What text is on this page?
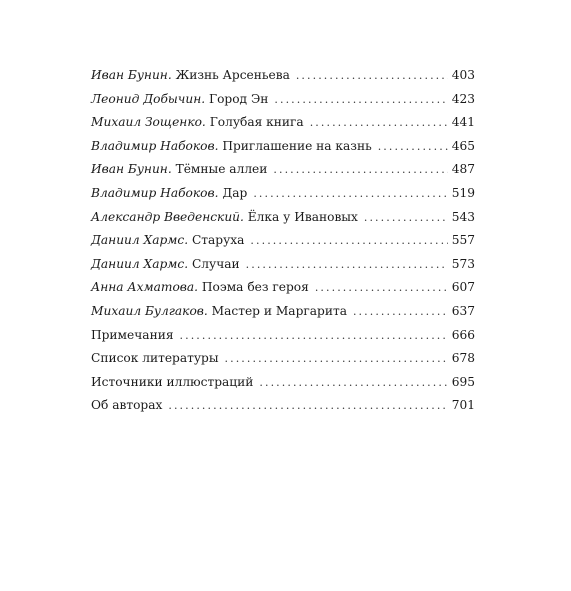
Иван Бунин. Жизнь Арсеньева . . .	403
Леонид Добычин. Город Эн . . .	423
Михаил Зощенко. Голубая книга . . .	441
Владимир Набоков. Приглашение на казнь . . .	465
Иван Бунин. Тёмные аллеи . . .	487
Владимир Набоков. Дар . . .	519
Александр Введенский. Ёлка у Ивановых . . .	543
Даниил Хармс. Старуха . . .	557
Даниил Хармс. Случаи . . .	573
Анна Ахматова. Поэма без героя . . .	607
Михаил Булгаков. Мастер и Маргарита . . .	637
Примечания . . .	666
Список литературы . . .	678
Источники иллюстраций . . .	695
Об авторах . . .	701
